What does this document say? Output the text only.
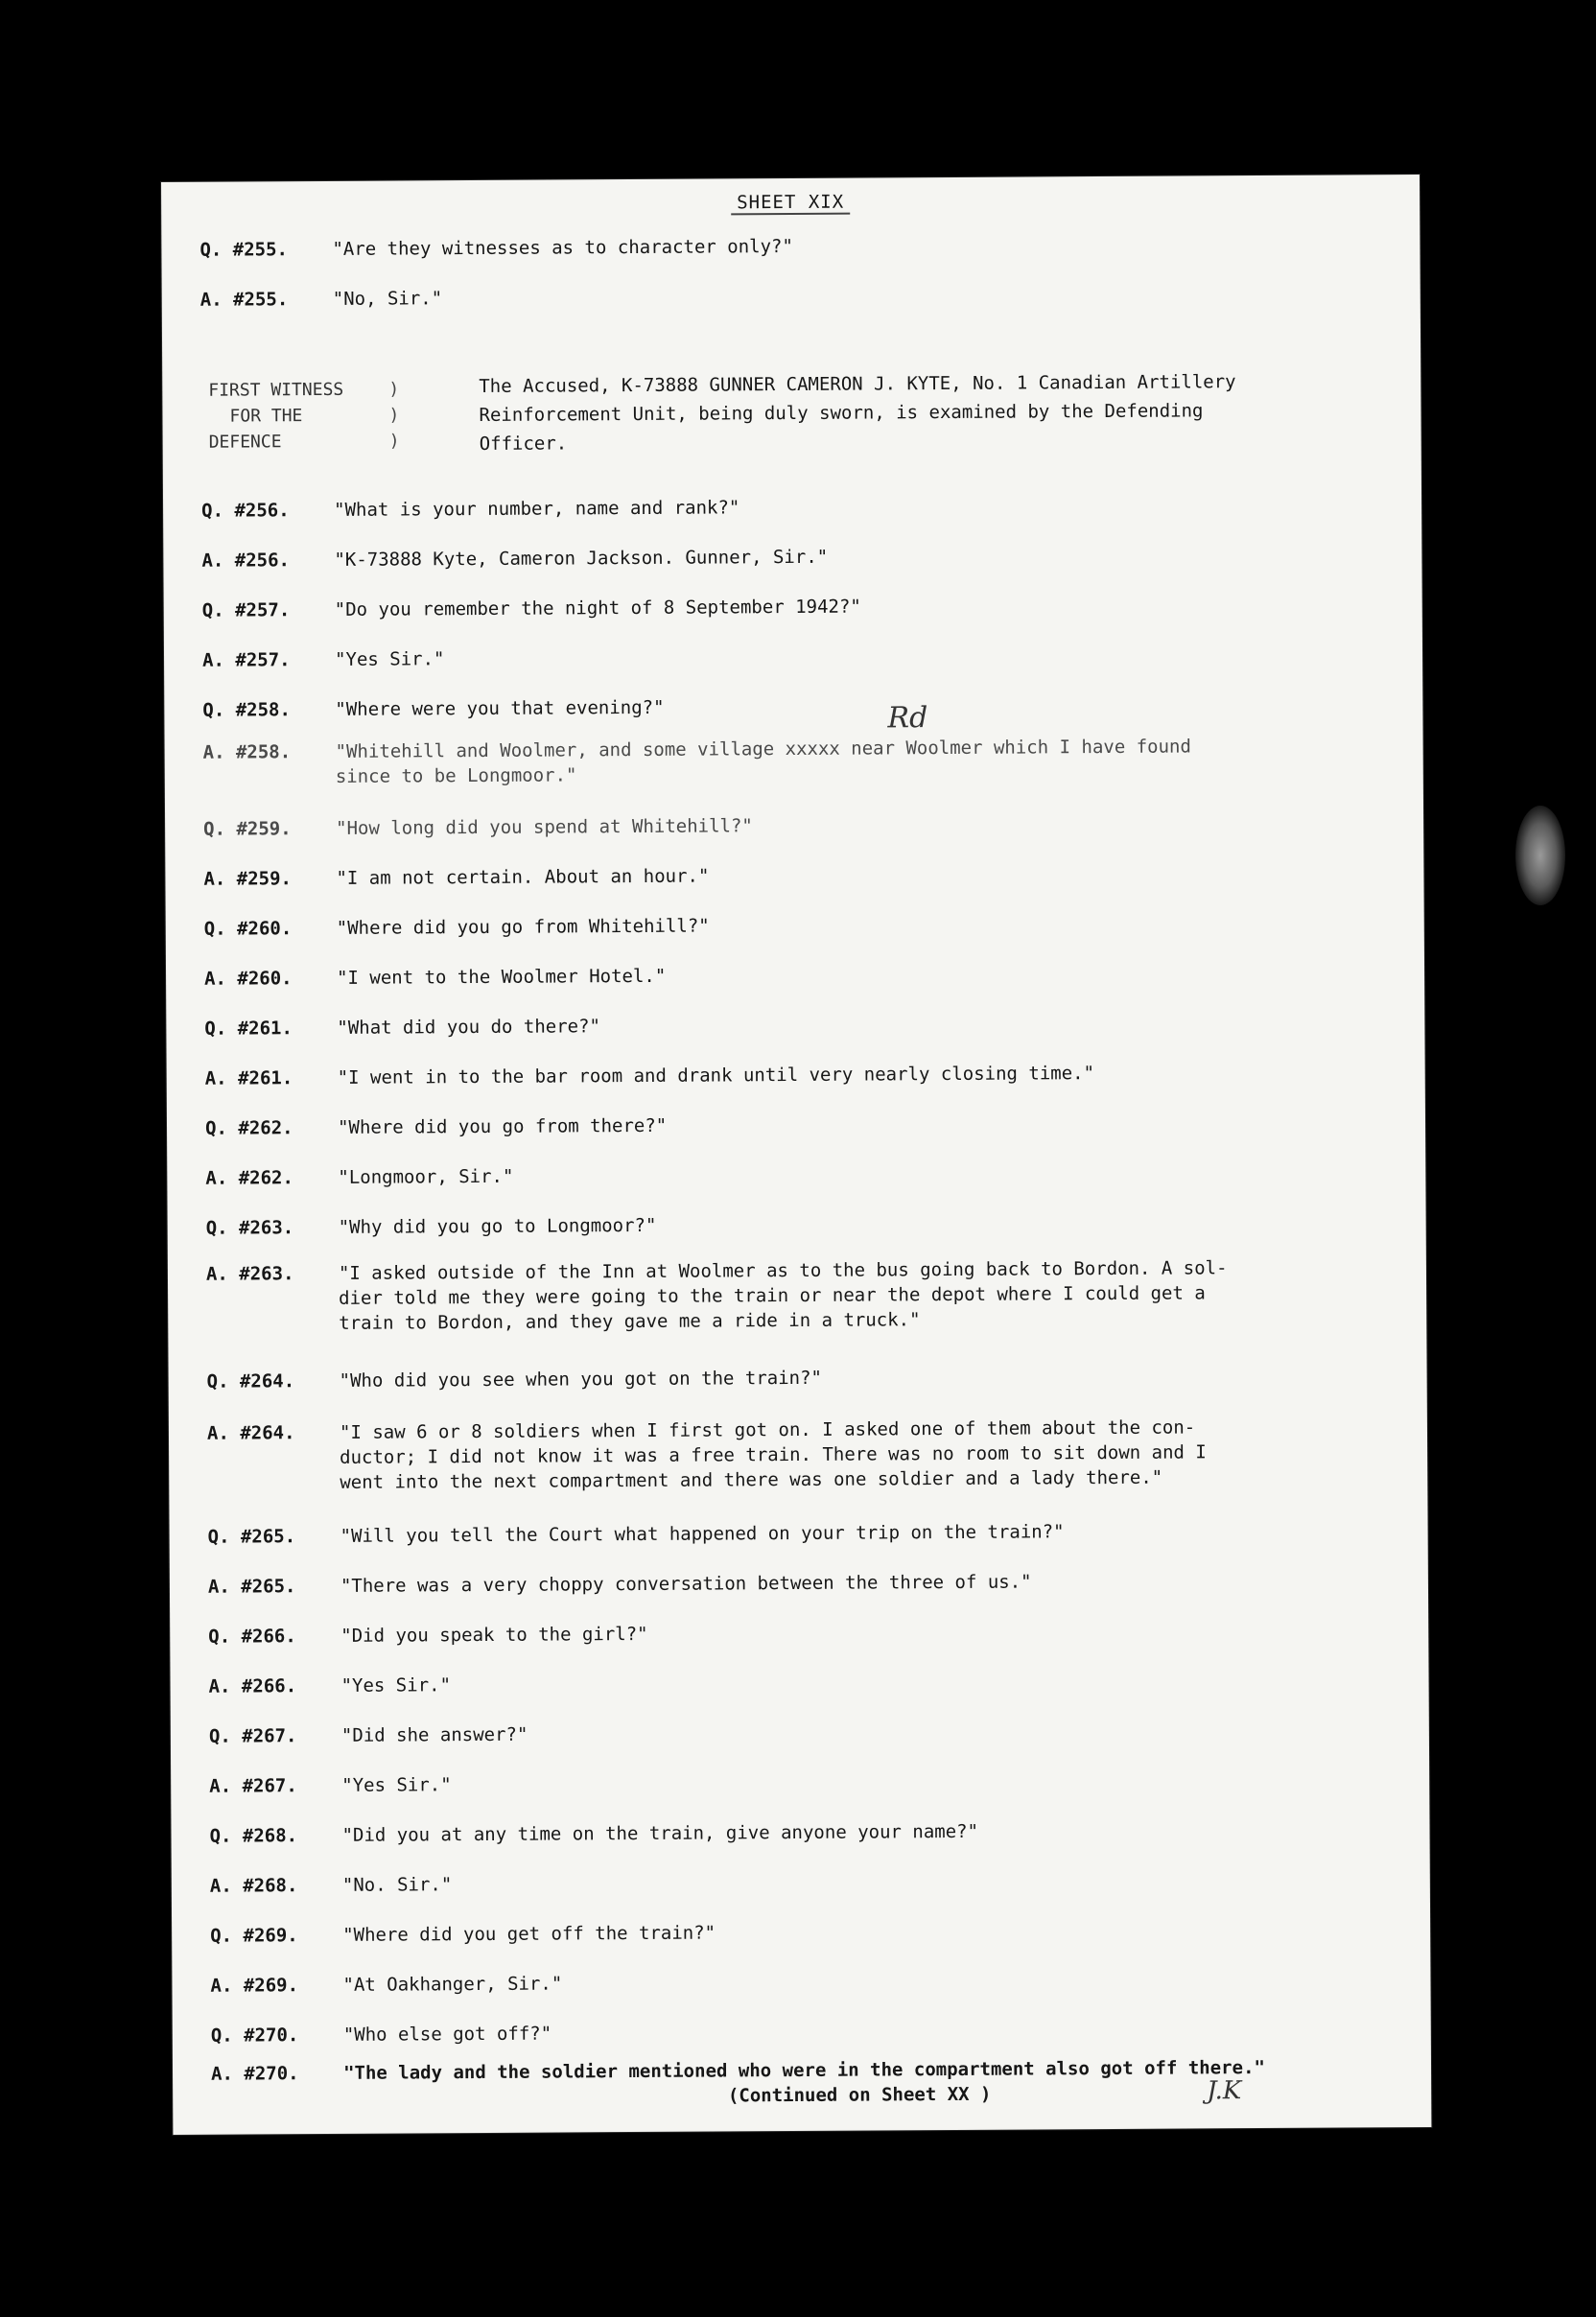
SHEET XIX
Q. #255. "Are they witnesses as to character only?"
A. #255. "No, Sir."
FIRST WITNESS
FOR THE
DEFENCE
)
)
)
The Accused, K-73888 GUNNER CAMERON J. KYTE, No. 1 Canadian Artillery
Reinforcement Unit, being duly sworn, is examined by the Defending
Officer.
Q. #256. "What is your number, name and rank?"
A. #256. "K-73888 Kyte, Cameron Jackson. Gunner, Sir."
Q. #257. "Do you remember the night of 8 September 1942?"
A. #257. "Yes Sir."
Q. #258. "Where were you that evening?"	Rd
A. #258. "Whitehill and Woolmer, and some village xxxxx near Woolmer which I have found
since to be Longmoor."
Q. #259. "How long did you spend at Whitehill?"
A. #259. "I am not certain. About an hour."
Q. #260. "Where did you go from Whitehill?"
A. #260. "I went to the Woolmer Hotel."
Q. #261. "What did you do there?"
A. #261. "I went in to the bar room and drank until very nearly closing time."
Q. #262. "Where did you go from there?"
A. #262. "Longmoor, Sir."
Q. #263. "Why did you go to Longmoor?"
A. #263. "I asked outside of the Inn at Woolmer as to the bus going back to Bordon. A sol-
dier told me they were going to the train or near the depot where I could get a
train to Bordon, and they gave me a ride in a truck."
Q. #264. "Who did you see when you got on the train?"
A. #264. "I saw 6 or 8 soldiers when I first got on. I asked one of them about the con-
ductor; I did not know it was a free train. There was no room to sit down and I
went into the next compartment and there was one soldier and a lady there."
Q. #265. "Will you tell the Court what happened on your trip on the train?"
A. #265. "There was a very choppy conversation between the three of us."
Q. #266. "Did you speak to the girl?"
A. #266. "Yes Sir."
Q. #267. "Did she answer?"
A. #267. "Yes Sir."
Q. #268. "Did you at any time on the train, give anyone your name?"
A. #268. "No. Sir."
Q. #269. "Where did you get off the train?"
A. #269. "At Oakhanger, Sir."
Q. #270. "Who else got off?"
A. #270. "The lady and the soldier mentioned who were in the compartment also got off there."
(Continued on Sheet XX )	J.K
